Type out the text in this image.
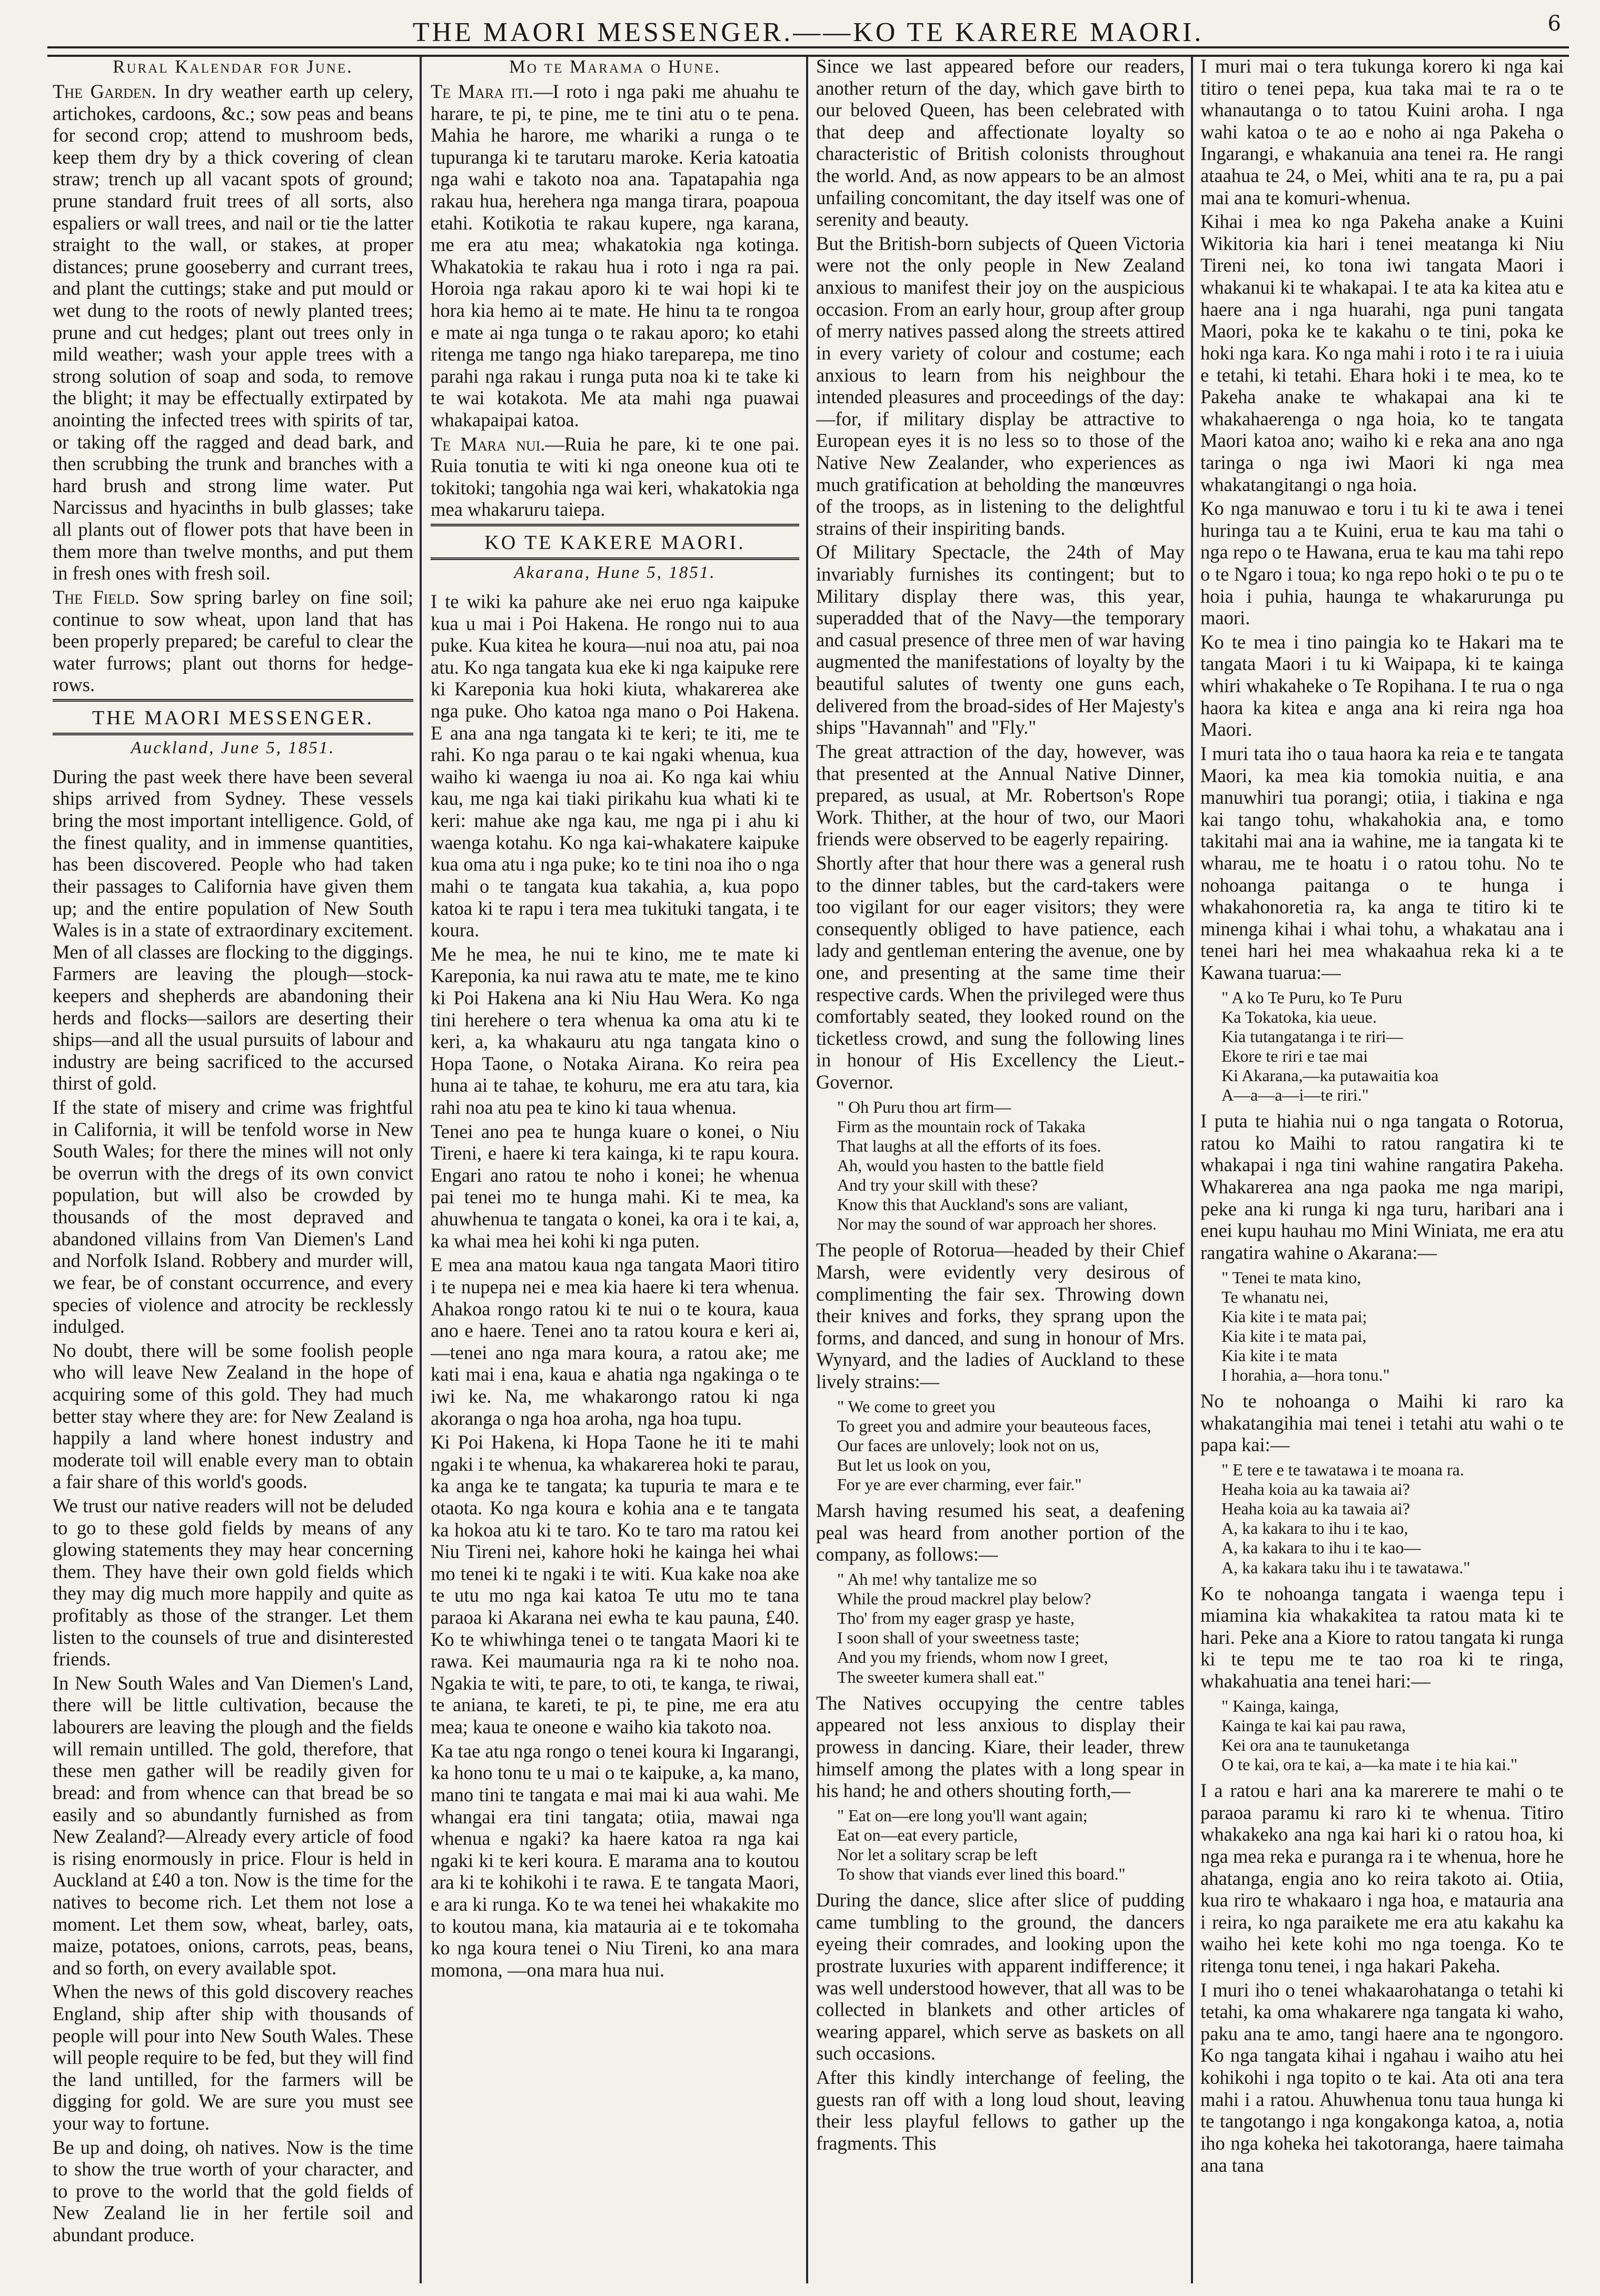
THE MAORI MESSENGER.——KO TE KARERE MAORI.	6
Rural Kalendar for June.

The Garden. In dry weather earth up celery, artichokes, cardoons, &c.; sow peas and beans for second crop; attend to mushroom beds, keep them dry by a thick covering of clean straw; trench up all vacant spots of ground; prune standard fruit trees of all sorts, also espaliers or wall trees, and nail or tie the latter straight to the wall, or stakes, at proper distances; prune gooseberry and currant trees, and plant the cuttings; stake and put mould or wet dung to the roots of newly planted trees; prune and cut hedges; plant out trees only in mild weather; wash your apple trees with a strong solution of soap and soda, to remove the blight; it may be effectually extirpated by anointing the infected trees with spirits of tar, or taking off the ragged and dead bark, and then scrubbing the trunk and branches with a hard brush and strong lime water. Put Narcissus and hyacinths in bulb glasses; take all plants out of flower pots that have been in them more than twelve months, and put them in fresh ones with fresh soil.

The Field. Sow spring barley on fine soil; continue to sow wheat, upon land that has been properly prepared; be careful to clear the water furrows; plant out thorns for hedge-rows.

THE MAORI MESSENGER.
Auckland, June 5, 1851.

During the past week there have been several ships arrived from Sydney. These vessels bring the most important intelligence. Gold, of the finest quality, and in immense quantities, has been discovered. People who had taken their passages to California have given them up; and the entire population of New South Wales is in a state of extraordinary excitement. Men of all classes are flocking to the diggings. Farmers are leaving the plough—stock-keepers and shepherds are abandoning their herds and flocks—sailors are deserting their ships—and all the usual pursuits of labour and industry are being sacrificed to the accursed thirst of gold.

If the state of misery and crime was frightful in California, it will be tenfold worse in New South Wales; for there the mines will not only be overrun with the dregs of its own convict population, but will also be crowded by thousands of the most depraved and abandoned villains from Van Diemen's Land and Norfolk Island. Robbery and murder will, we fear, be of constant occurrence, and every species of violence and atrocity be recklessly indulged.

No doubt, there will be some foolish people who will leave New Zealand in the hope of acquiring some of this gold. They had much better stay where they are: for New Zealand is happily a land where honest industry and moderate toil will enable every man to obtain a fair share of this world's goods.

We trust our native readers will not be deluded to go to these gold fields by means of any glowing statements they may hear concerning them. They have their own gold fields which they may dig much more happily and quite as profitably as those of the stranger. Let them listen to the counsels of true and disinterested friends.

In New South Wales and Van Diemen's Land, there will be little cultivation, because the labourers are leaving the plough and the fields will remain untilled. The gold, therefore, that these men gather will be readily given for bread: and from whence can that bread be so easily and so abundantly furnished as from New Zealand?—Already every article of food is rising enormously in price. Flour is held in Auckland at £40 a ton. Now is the time for the natives to become rich. Let them not lose a moment. Let them sow, wheat, barley, oats, maize, potatoes, onions, carrots, peas, beans, and so forth, on every available spot.

When the news of this gold discovery reaches England, ship after ship with thousands of people will pour into New South Wales. These will people require to be fed, but they will find the land untilled, for the farmers will be digging for gold. We are sure you must see your way to fortune.

Be up and doing, oh natives. Now is the time to show the true worth of your character, and to prove to the world that the gold fields of New Zealand lie in her fertile soil and abundant produce.

Mo te Marama o Hune.

Te Mara iti.—I roto i nga paki me ahuahu te harare, te pi, te pine, me te tini atu o te pena. Mahia he harore, me whariki a runga o te tupuranga ki te tarutaru maroke. Keria katoatia nga wahi e takoto noa ana. Tapatapahia nga rakau hua, herehera nga manga tirara, poapoua etahi. Kotikotia te rakau kupere, nga karana, me era atu mea; whakatokia nga kotinga. Whakatokia te rakau hua i roto i nga ra pai. Horoia nga rakau aporo ki te wai hopi ki te hora kia hemo ai te mate. He hinu ta te rongoa e mate ai nga tunga o te rakau aporo; ko etahi ritenga me tango nga hiako tareparepa, me tino parahi nga rakau i runga puta noa ki te take ki te wai kotakota. Me ata mahi nga puawai whakapaipai katoa.

Te Mara nui.—Ruia he pare, ki te one pai. Ruia tonutia te witi ki nga oneone kua oti te tokitoki; tangohia nga wai keri, whakatokia nga mea whakaruru taiepa.

KO TE KAKERE MAORI.
Akarana, Hune 5, 1851.

I te wiki ka pahure ake nei eruo nga kaipuke kua u mai i Poi Hakena. He rongo nui to aua puke. Kua kitea he koura—nui noa atu, pai noa atu. Ko nga tangata kua eke ki nga kaipuke rere ki Kareponia kua hoki kiuta, whakarerea ake nga puke. Oho katoa nga mano o Poi Hakena. E ana ana nga tangata ki te keri; te iti, me te rahi. Ko nga parau o te kai ngaki whenua, kua waiho ki waenga iu noa ai. Ko nga kai whiu kau, me nga kai tiaki pirikahu kua whati ki te keri: mahue ake nga kau, me nga pi i ahu ki waenga kotahu. Ko nga kai-whakatere kaipuke kua oma atu i nga puke; ko te tini noa iho o nga mahi o te tangata kua takahia, a, kua popo katoa ki te rapu i tera mea tukituki tangata, i te koura.

Me he mea, he nui te kino, me te mate ki Kareponia, ka nui rawa atu te mate, me te kino ki Poi Hakena ana ki Niu Hau Wera. Ko nga tini herehere o tera whenua ka oma atu ki te keri, a, ka whakauru atu nga tangata kino o Hopa Taone, o Notaka Airana. Ko reira pea huna ai te tahae, te kohuru, me era atu tara, kia rahi noa atu pea te kino ki taua whenua.

Tenei ano pea te hunga kuare o konei, o Niu Tireni, e haere ki tera kainga, ki te rapu koura. Engari ano ratou te noho i konei; he whenua pai tenei mo te hunga mahi. Ki te mea, ka ahuwhenua te tangata o konei, ka ora i te kai, a, ka whai mea hei kohi ki nga puten.

E mea ana matou kaua nga tangata Maori titiro i te nupepa nei e mea kia haere ki tera whenua. Ahakoa rongo ratou ki te nui o te koura, kaua ano e haere. Tenei ano ta ratou koura e keri ai,—tenei ano nga mara koura, a ratou ake; me kati mai i ena, kaua e ahatia nga ngakinga o te iwi ke. Na, me whakarongo ratou ki nga akoranga o nga hoa aroha, nga hoa tupu.

Ki Poi Hakena, ki Hopa Taone he iti te mahi ngaki i te whenua, ka whakarerea hoki te parau, ka anga ke te tangata; ka tupuria te mara e te otaota. Ko nga koura e kohia ana e te tangata ka hokoa atu ki te taro. Ko te taro ma ratou kei Niu Tireni nei, kahore hoki he kainga hei whai mo tenei ki te ngaki i te witi. Kua kake noa ake te utu mo nga kai katoa Te utu mo te tana paraoa ki Akarana nei ewha te kau pauna, £40. Ko te whiwhinga tenei o te tangata Maori ki te rawa. Kei maumauria nga ra ki te noho noa. Ngakia te witi, te pare, to oti, te kanga, te riwai, te aniana, te kareti, te pi, te pine, me era atu mea; kaua te oneone e waiho kia takoto noa.

Ka tae atu nga rongo o tenei koura ki Ingarangi, ka hono tonu te u mai o te kaipuke, a, ka mano, mano tini te tangata e mai mai ki aua wahi. Me whangai era tini tangata; otiia, mawai nga whenua e ngaki? ka haere katoa ra nga kai ngaki ki te keri koura. E marama ana to koutou ara ki te kohikohi i te rawa. E te tangata Maori, e ara ki runga. Ko te wa tenei hei whakakite mo to koutou mana, kia matauria ai e te tokomaha ko nga koura tenei o Niu Tireni, ko ana mara momona, —ona mara hua nui.

Since we last appeared before our readers, another return of the day, which gave birth to our beloved Queen, has been celebrated with that deep and affectionate loyalty so characteristic of British colonists throughout the world. And, as now appears to be an almost unfailing concomitant, the day itself was one of serenity and beauty.

But the British-born subjects of Queen Victoria were not the only people in New Zealand anxious to manifest their joy on the auspicious occasion. From an early hour, group after group of merry natives passed along the streets attired in every variety of colour and costume; each anxious to learn from his neighbour the intended pleasures and proceedings of the day:—for, if military display be attractive to European eyes it is no less so to those of the Native New Zealander, who experiences as much gratification at beholding the manœuvres of the troops, as in listening to the delightful strains of their inspiriting bands.

Of Military Spectacle, the 24th of May invariably furnishes its contingent; but to Military display there was, this year, superadded that of the Navy—the temporary and casual presence of three men of war having augmented the manifestations of loyalty by the beautiful salutes of twenty one guns each, delivered from the broad-sides of Her Majesty's ships "Havannah" and "Fly."

The great attraction of the day, however, was that presented at the Annual Native Dinner, prepared, as usual, at Mr. Robertson's Rope Work. Thither, at the hour of two, our Maori friends were observed to be eagerly repairing.

Shortly after that hour there was a general rush to the dinner tables, but the card-takers were too vigilant for our eager visitors; they were consequently obliged to have patience, each lady and gentleman entering the avenue, one by one, and presenting at the same time their respective cards. When the privileged were thus comfortably seated, they looked round on the ticketless crowd, and sung the following lines in honour of His Excellency the Lieut.-Governor.

" Oh Puru thou art firm—
Firm as the mountain rock of Takaka
That laughs at all the efforts of its foes.
Ah, would you hasten to the battle field
And try your skill with these?
Know this that Auckland's sons are valiant,
Nor may the sound of war approach her shores.

The people of Rotorua—headed by their Chief Marsh, were evidently very desirous of complimenting the fair sex. Throwing down their knives and forks, they sprang upon the forms, and danced, and sung in honour of Mrs. Wynyard, and the ladies of Auckland to these lively strains:—

" We come to greet you
To greet you and admire your beauteous faces,
Our faces are unlovely; look not on us,
But let us look on you,
For ye are ever charming, ever fair."

Marsh having resumed his seat, a deafening peal was heard from another portion of the company, as follows:—

" Ah me! why tantalize me so
While the proud mackrel play below?
Tho' from my eager grasp ye haste,
I soon shall of your sweetness taste;
And you my friends, whom now I greet,
The sweeter kumera shall eat."

The Natives occupying the centre tables appeared not less anxious to display their prowess in dancing. Kiare, their leader, threw himself among the plates with a long spear in his hand; he and others shouting forth,—

" Eat on—ere long you'll want again;
Eat on—eat every particle,
Nor let a solitary scrap be left
To show that viands ever lined this board."

During the dance, slice after slice of pudding came tumbling to the ground, the dancers eyeing their comrades, and looking upon the prostrate luxuries with apparent indifference; it was well understood however, that all was to be collected in blankets and other articles of wearing apparel, which serve as baskets on all such occasions.

After this kindly interchange of feeling, the guests ran off with a long loud shout, leaving their less playful fellows to gather up the fragments. This

I muri mai o tera tukunga korero ki nga kai titiro o tenei pepa, kua taka mai te ra o te whanautanga o to tatou Kuini aroha. I nga wahi katoa o te ao e noho ai nga Pakeha o Ingarangi, e whakanuia ana tenei ra. He rangi ataahua te 24, o Mei, whiti ana te ra, pu a pai mai ana te komuri-whenua.

Kihai i mea ko nga Pakeha anake a Kuini Wikitoria kia hari i tenei meatanga ki Niu Tireni nei, ko tona iwi tangata Maori i whakanui ki te whakapai. I te ata ka kitea atu e haere ana i nga huarahi, nga puni tangata Maori, poka ke te kakahu o te tini, poka ke hoki nga kara. Ko nga mahi i roto i te ra i uiuia e tetahi, ki tetahi. Ehara hoki i te mea, ko te Pakeha anake te whakapai ana ki te whakahaerenga o nga hoia, ko te tangata Maori katoa ano; waiho ki e reka ana ano nga taringa o nga iwi Maori ki nga mea whakatangitangi o nga hoia.

Ko nga manuwao e toru i tu ki te awa i tenei huringa tau a te Kuini, erua te kau ma tahi o nga repo o te Hawana, erua te kau ma tahi repo o te Ngaro i toua; ko nga repo hoki o te pu o te hoia i puhia, haunga te whakarurunga pu maori.

Ko te mea i tino paingia ko te Hakari ma te tangata Maori i tu ki Waipapa, ki te kainga whiri whakaheke o Te Ropihana. I te rua o nga haora ka kitea e anga ana ki reira nga hoa Maori.

I muri tata iho o taua haora ka reia e te tangata Maori, ka mea kia tomokia nuitia, e ana manuwhiri tua porangi; otiia, i tiakina e nga kai tango tohu, whakahokia ana, e tomo takitahi mai ana ia wahine, me ia tangata ki te wharau, me te hoatu i o ratou tohu. No te nohoanga paitanga o te hunga i whakahonoretia ra, ka anga te titiro ki te minenga kihai i whai tohu, a whakatau ana i tenei hari hei mea whakaahua reka ki a te Kawana tuarua:—

" A ko Te Puru, ko Te Puru
Ka Tokatoka, kia ueue.
Kia tutangatanga i te riri—
Ekore te riri e tae mai
Ki Akarana,—ka putawaitia koa
A—a—a—i—te riri."

I puta te hiahia nui o nga tangata o Rotorua, ratou ko Maihi to ratou rangatira ki te whakapai i nga tini wahine rangatira Pakeha. Whakarerea ana nga paoka me nga maripi, peke ana ki runga ki nga turu, haribari ana i enei kupu hauhau mo Mini Winiata, me era atu rangatira wahine o Akarana:—

" Tenei te mata kino,
Te whanatu nei,
Kia kite i te mata pai;
Kia kite i te mata pai,
Kia kite i te mata
I horahia, a—hora tonu."

No te nohoanga o Maihi ki raro ka whakatangihia mai tenei i tetahi atu wahi o te papa kai:—

" E tere e te tawatawa i te moana ra.
Heaha koia au ka tawaia ai?
Heaha koia au ka tawaia ai?
A, ka kakara to ihu i te kao,
A, ka kakara to ihu i te kao—
A, ka kakara taku ihu i te tawatawa."

Ko te nohoanga tangata i waenga tepu i miamina kia whakakitea ta ratou mata ki te hari. Peke ana a Kiore to ratou tangata ki runga ki te tepu me te tao roa ki te ringa, whakahuatia ana tenei hari:—

" Kainga, kainga,
Kainga te kai kai pau rawa,
Kei ora ana te taunuketanga
O te kai, ora te kai, a—ka mate i te hia kai."

I a ratou e hari ana ka marerere te mahi o te paraoa paramu ki raro ki te whenua. Titiro whakakeko ana nga kai hari ki o ratou hoa, ki nga mea reka e puranga ra i te whenua, hore he ahatanga, engia ano ko reira takoto ai. Otiia, kua riro te whakaaro i nga hoa, e matauria ana i reira, ko nga paraikete me era atu kakahu ka waiho hei kete kohi mo nga toenga. Ko te ritenga tonu tenei, i nga hakari Pakeha.

I muri iho o tenei whakaarohatanga o tetahi ki tetahi, ka oma whakarere nga tangata ki waho, paku ana te amo, tangi haere ana te ngongoro. Ko nga tangata kihai i ngahau i waiho atu hei kohikohi i nga topito o te kai. Ata oti ana tera mahi i a ratou. Ahuwhenua tonu taua hunga ki te tangotango i nga kongakonga katoa, a, notia iho nga koheka hei takotoranga, haere taimaha ana tana
